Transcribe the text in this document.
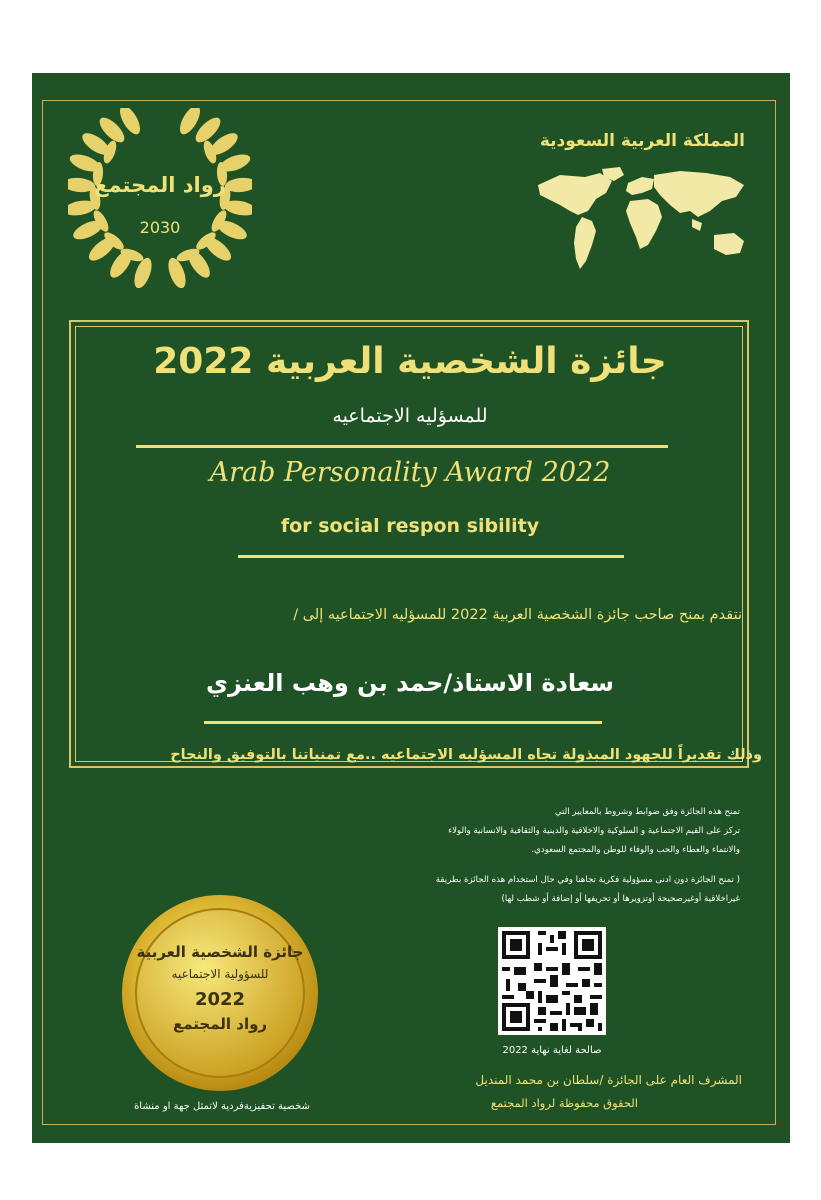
رواد المجتمع
2030
المملكة العربية السعودية
جائزة الشخصية العربية 2022
للمسؤليه الاجتماعيه
Arab Personality Award 2022
for social respon sibility
نتقدم بمنح صاحب جائزة الشخصية العربية 2022 للمسؤليه الاجتماعيه إلى /
سعادة الاستاذ/حمد بن وهب العنزي
وذلك تقديراً للجهود المبذولة تجاه المسؤليه الاجتماعيه ..مع تمنياتنا بالتوفيق والنجاح
تمنح هذه الجائزة وفق ضوابط وشروط بالمعايير التي
تركز على القيم الاجتماعية و السلوكية والاخلاقية والدينية والثقافية والانسانية والولاء
والانتماء والعطاء والحب والوفاء للوطن والمجتمع السعودي.
( تمنح الجائزة دون ادنى مسؤولية فكرية تجاهنا وفي حال استخدام هذه الجائزة بطريقة
غيراخلاقية أوغيرصحيحة أوتزويرها أو تحريفها أو إضافة أو شطب لها)
جائزة الشخصية العربية
للسؤولية الاجتماعيه
2022
رواد المجتمع
شخصية تحفيزيةفردية لاتمثل جهة او منشاة
صالحة لغاية نهاية 2022
المشرف العام على الجائزة /سلطان بن محمد المنديل
الحقوق محفوظة لرواد المجتمع
